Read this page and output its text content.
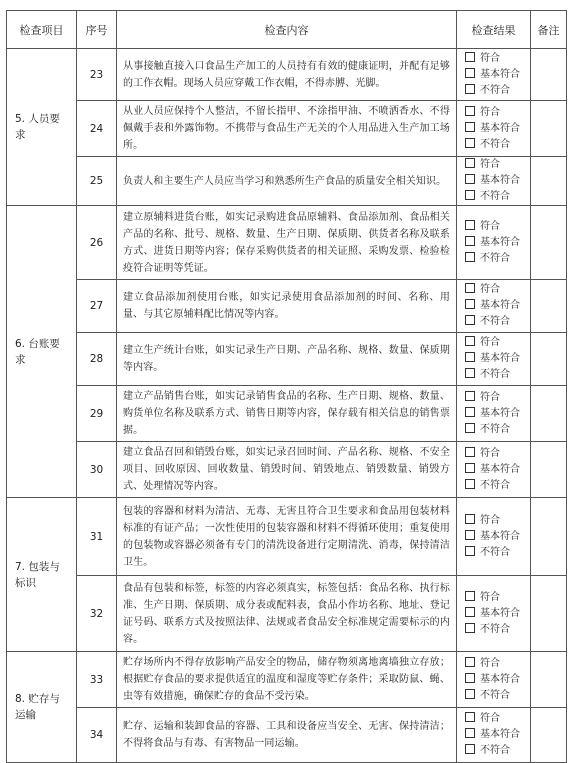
检查项目	序号	检查内容	检查结果	备注
5. 人员要求	23	从事接触直接入口食品生产加工的人员持有有效的健康证明，并配有足够的工作衣帽。现场人员应穿戴工作衣帽，不得赤膊、光脚。	符合
基本符合
不符合	

	24	从业人员应保持个人整洁，不留长指甲、不涂指甲油、不喷洒香水、不得佩戴手表和外露饰物。不携带与食品生产无关的个人用品进入生产加工场所。	符合
基本符合
不符合	

	25	负责人和主要生产人员应当学习和熟悉所生产食品的质量安全相关知识。	符合
基本符合
不符合	

6. 台账要求	26	建立原辅料进货台账，如实记录购进食品原辅料、食品添加剂、食品相关产品的名称、批号、规格、数量、生产日期、保质期、供货者名称及联系方式、进货日期等内容；保存采购供货者的相关证照、采购发票、检验检疫符合证明等凭证。	符合
基本符合
不符合	

	27	建立食品添加剂使用台账，如实记录使用食品添加剂的时间、名称、用量、与其它原辅料配比情况等内容。	符合
基本符合
不符合	

	28	建立生产统计台账，如实记录生产日期、产品名称、规格、数量、保质期等内容。	符合
基本符合
不符合	

	29	建立产品销售台账，如实记录销售食品的名称、生产日期、规格、数量、购货单位名称及联系方式、销售日期等内容，保存载有相关信息的销售票据。	符合
基本符合
不符合	

	30	建立食品召回和销毁台账，如实记录召回时间、产品名称、规格、不安全项目、回收原因、回收数量、销毁时间、销毁地点、销毁数量、销毁方式、处理情况等内容。	符合
基本符合
不符合	

7. 包装与标识	31	包装的容器和材料为清洁、无毒、无害且符合卫生要求和食品用包装材料标准的有证产品；一次性使用的包装容器和材料不得循环使用；重复使用的包装物或容器必须备有专门的清洗设备进行定期清洗、消毒，保持清洁卫生。	符合
基本符合
不符合	

	32	食品有包装和标签，标签的内容必须真实，标签包括：食品名称、执行标准、生产日期、保质期、成分表或配料表，食品小作坊名称、地址、登记证号码、联系方式及按照法律、法规或者食品安全标准规定需要标示的内容。	符合
基本符合
不符合	

8. 贮存与运输	33	贮存场所内不得存放影响产品安全的物品，储存物须离地离墙独立存放；根据贮存食品的要求提供适宜的温度和湿度等贮存条件；采取防鼠、蝇、虫等有效措施，确保贮存的食品不受污染。	符合
基本符合
不符合	

	34	贮存、运输和装卸食品的容器、工具和设备应当安全、无害、保持清洁；不得将食品与有毒、有害物品一同运输。	符合
基本符合
不符合	
